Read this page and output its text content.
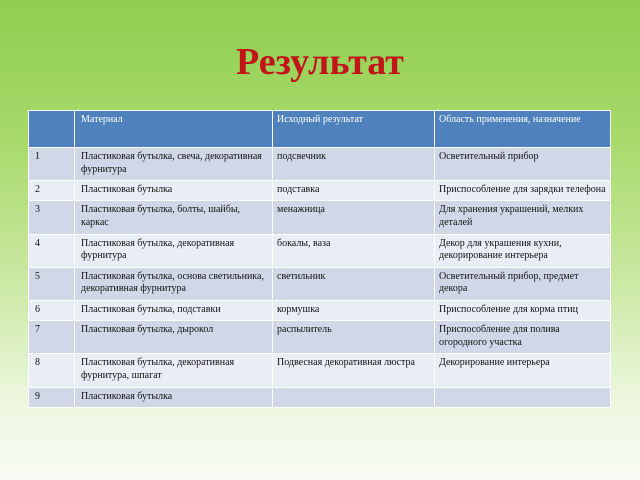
Результат
	Материал	Исходный результат	Область применения, назначение
1	Пластиковая бутылка, свеча, декоративная фурнитура	подсвечник	Осветительный прибор
2	Пластиковая бутылка	подставка	Приспособление для зарядки телефона
3	Пластиковая бутылка, болты, шайбы, каркас	менажница	Для хранения украшений, мелких деталей
4	Пластиковая бутылка, декоративная фурнитура	бокалы, ваза	Декор для украшения кухни, декорирование интерьера
5	Пластиковая бутылка, основа светильника, декоративная фурнитура	светильник	Осветительный прибор, предмет декора
6	Пластиковая бутылка, подставки	кормушка	Приспособление для корма птиц
7	Пластиковая бутылка, дырокол	распылитель	Приспособление для полива огородного участка
8	Пластиковая бутылка, декоративная фурнитура, шпагат	Подвесная декоративная люстра	Декорирование интерьера
9	Пластиковая бутылка		
